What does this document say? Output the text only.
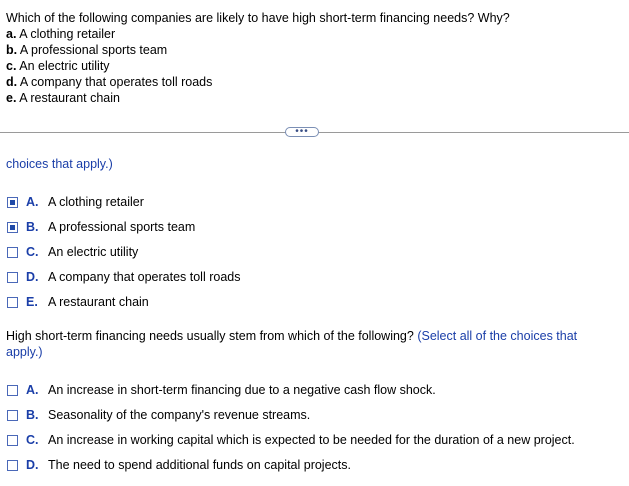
Which of the following companies are likely to have high short-term financing needs? Why?
a. A clothing retailer
b. A professional sports team
c. An electric utility
d. A company that operates toll roads
e. A restaurant chain
•••
choices that apply.)
A. A clothing retailer
B. A professional sports team
C. An electric utility
D. A company that operates toll roads
E. A restaurant chain
High short-term financing needs usually stem from which of the following? (Select all of the choices that apply.)
A. An increase in short-term financing due to a negative cash flow shock.
B. Seasonality of the company's revenue streams.
C. An increase in working capital which is expected to be needed for the duration of a new project.
D. The need to spend additional funds on capital projects.
